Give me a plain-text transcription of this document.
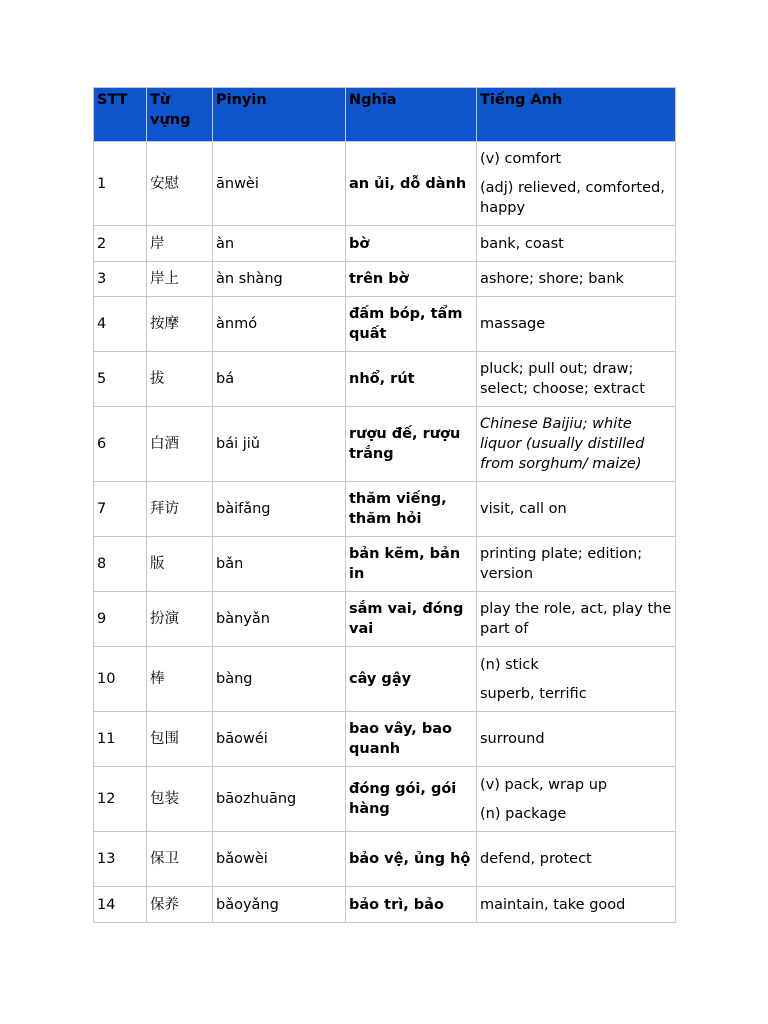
STT	Từ vựng	Pinyin	Nghĩa	Tiếng Anh
1	安慰	ānwèi	an ủi, dỗ dành	(v) comfort

(adj) relieved, comforted, happy

2	岸	àn	bờ	bank, coast

3	岸上	àn shàng	trên bờ	ashore; shore; bank

4	按摩	ànmó	đấm bóp, tẩm quất	massage

5	拔	bá	nhổ, rút	pluck; pull out; draw; select; choose; extract

6	白酒	bái jiǔ	rượu đế, rượu trắng	Chinese Baijiu; white liquor (usually distilled from sorghum/ maize)

7	拜访	bàifǎng	thăm viếng, thăm hỏi	visit, call on

8	版	bǎn	bản kẽm, bản in	printing plate; edition; version

9	扮演	bànyǎn	sắm vai, đóng vai	play the role, act, play the part of

10	棒	bàng	cây gậy	(n) stick

superb, terrific

11	包围	bāowéi	bao vây, bao quanh	surround

12	包装	bāozhuāng	đóng gói, gói hàng	(v) pack, wrap up

(n) package

13	保卫	bǎowèi	bảo vệ, ủng hộ	defend, protect

14	保养	bǎoyǎng	bảo trì, bảo	maintain, take good
